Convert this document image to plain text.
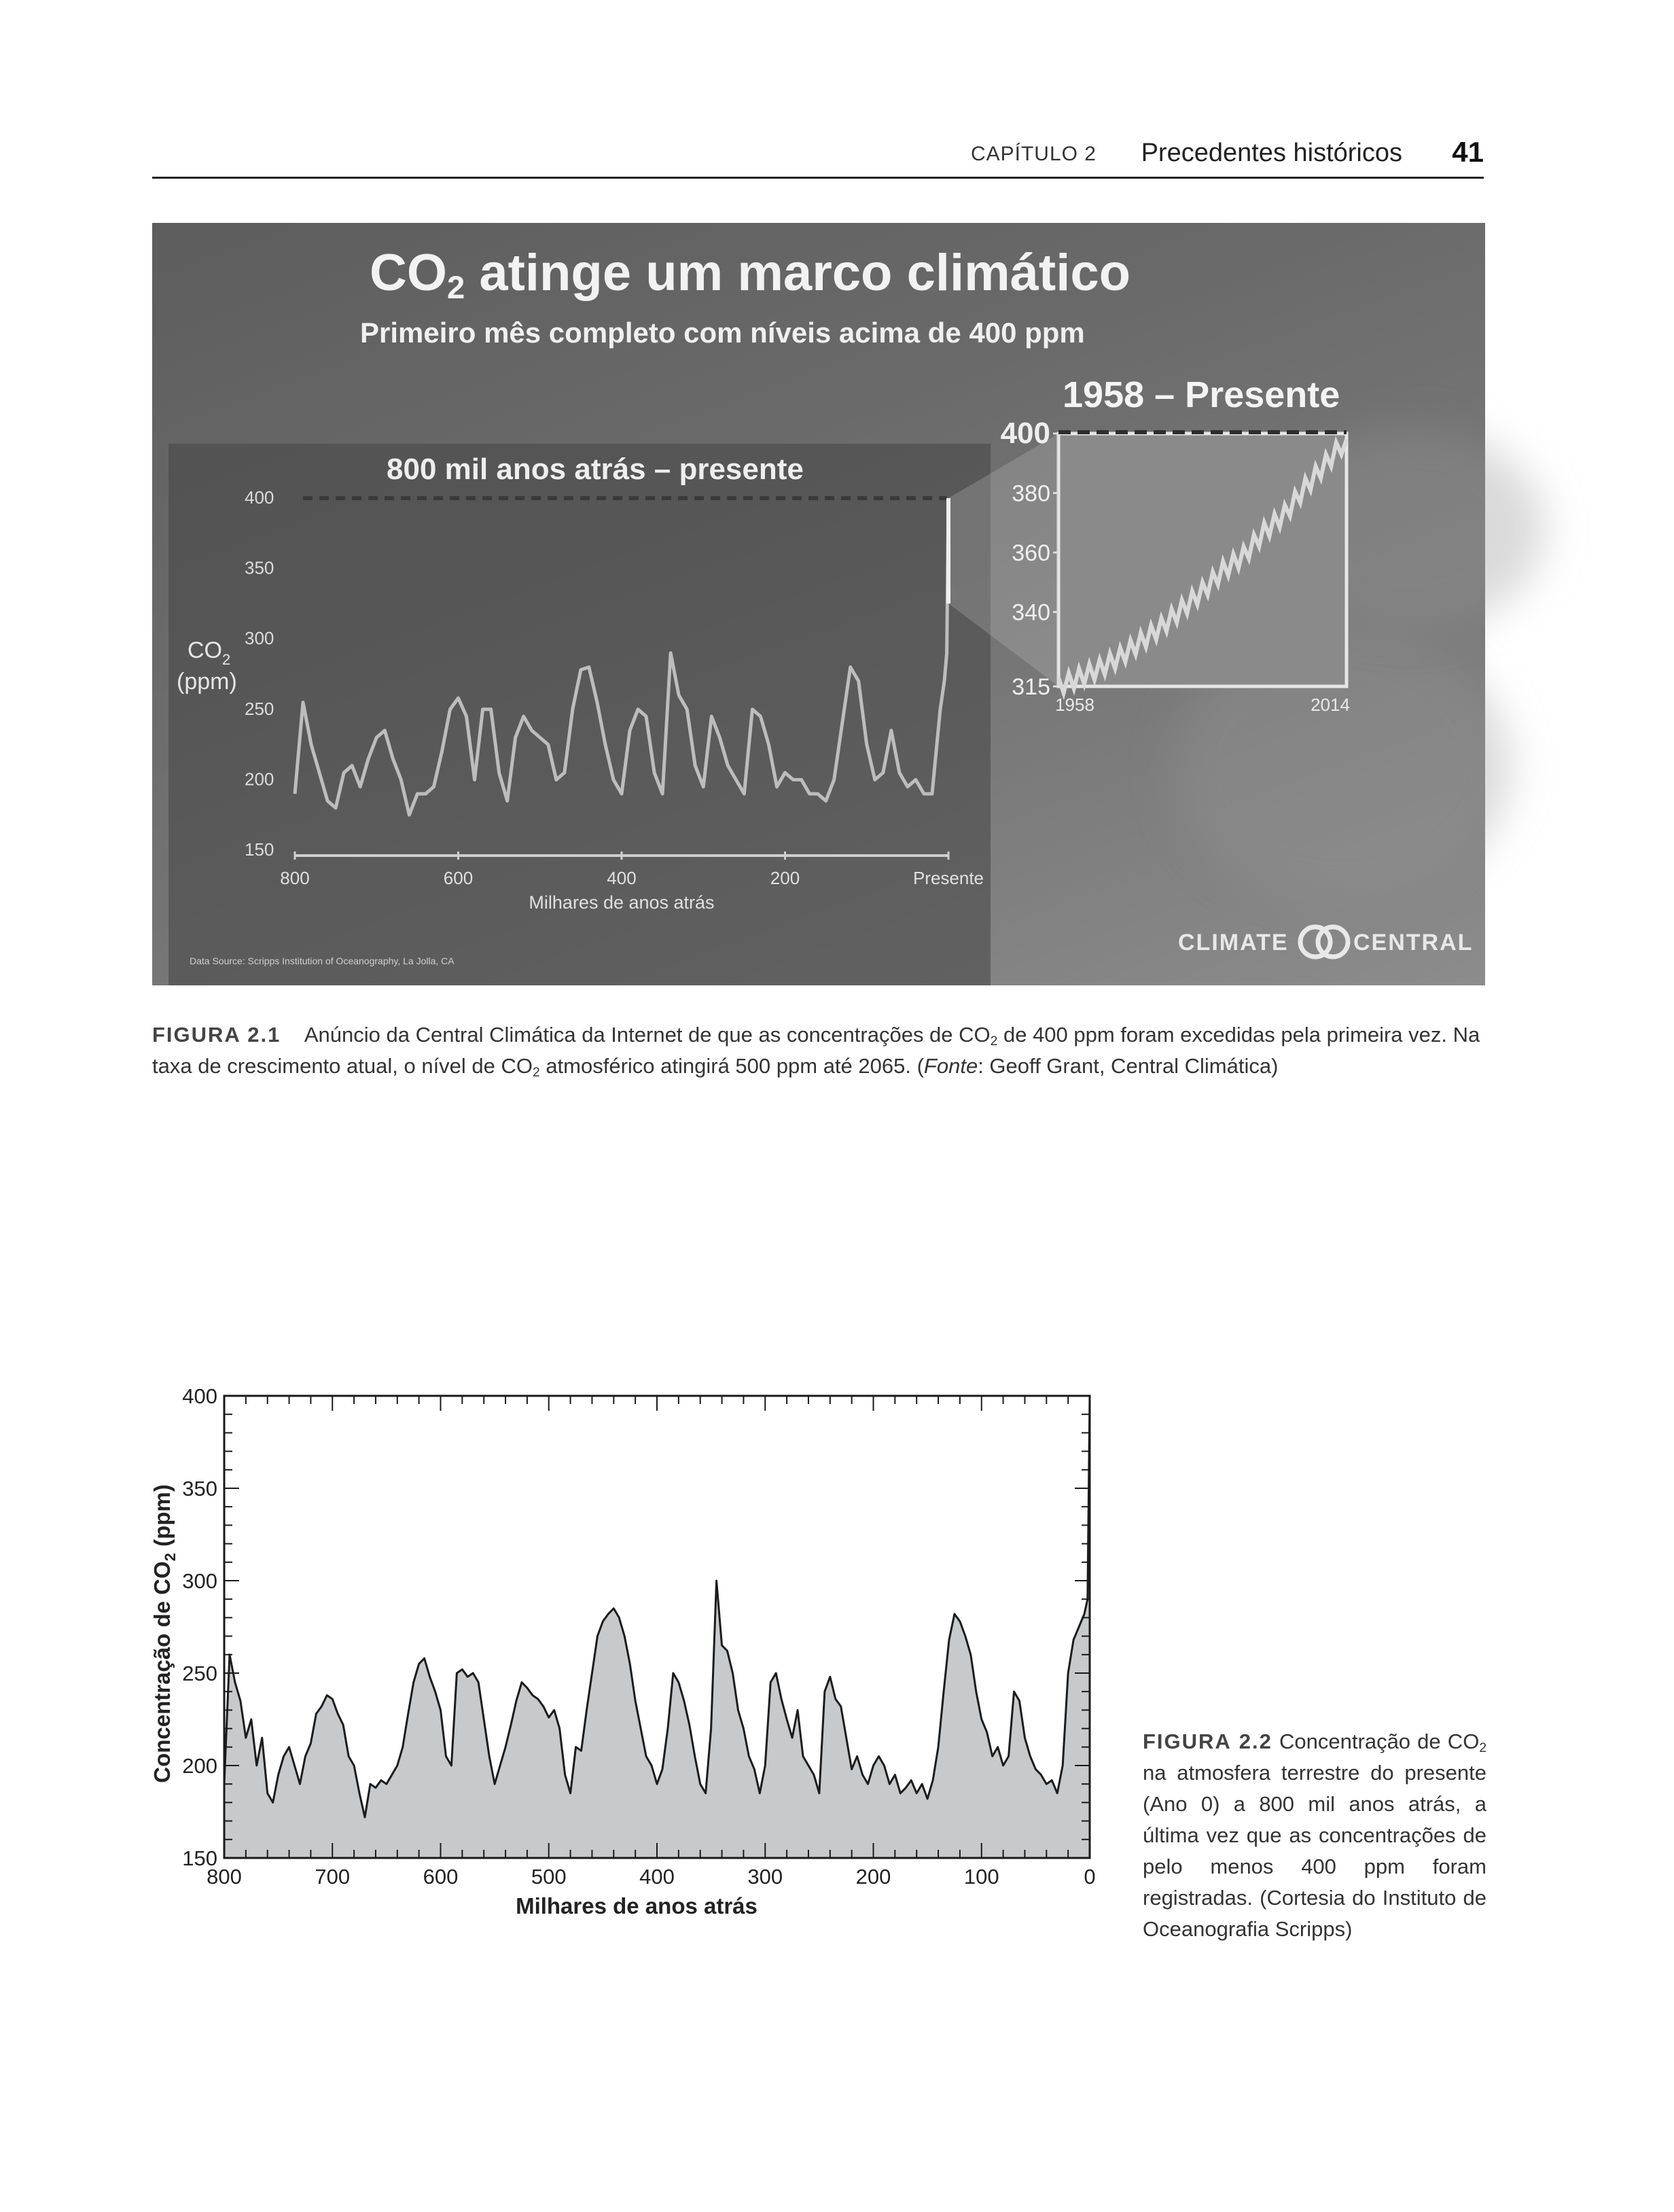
CAPÍTULO 2 Precedentes históricos 41
$CO_2$ atinge um marco climático
Primeiro mês completo com níveis acima de 400 ppm
1958 – Presente
800 mil anos atrás – presente
400
350
300
250
200
150
800	600	400	200	Presente
Milhares de anos atrás
$CO_2$
(ppm)
400
380
360
340
315
1958	2014
Data Source: Scripps Institution of Oceanography, La Jolla, CA
CLIMATE	CENTRAL
FIGURA 2.1 Anúncio da Central Climática da Internet de que as concentrações de $CO_2$ de 400 ppm foram excedidas pela primeira vez. Na taxa de crescimento atual, o nível de $CO_2$ atmosférico atingirá 500 ppm até 2065. (Fonte: Geoff Grant, Central Climática)
400
350
300
250
200
150
800	700	600	500	400	300	200	100	0
Milhares de anos atrás
Concentração de $CO_2$ (ppm)
FIGURA 2.2 Concentração de $CO_2$ na atmosfera terrestre do presente (Ano 0) a 800 mil anos atrás, a última vez que as concentrações de pelo menos 400 ppm foram registradas. (Cortesia do Instituto de Oceanografia Scripps)
